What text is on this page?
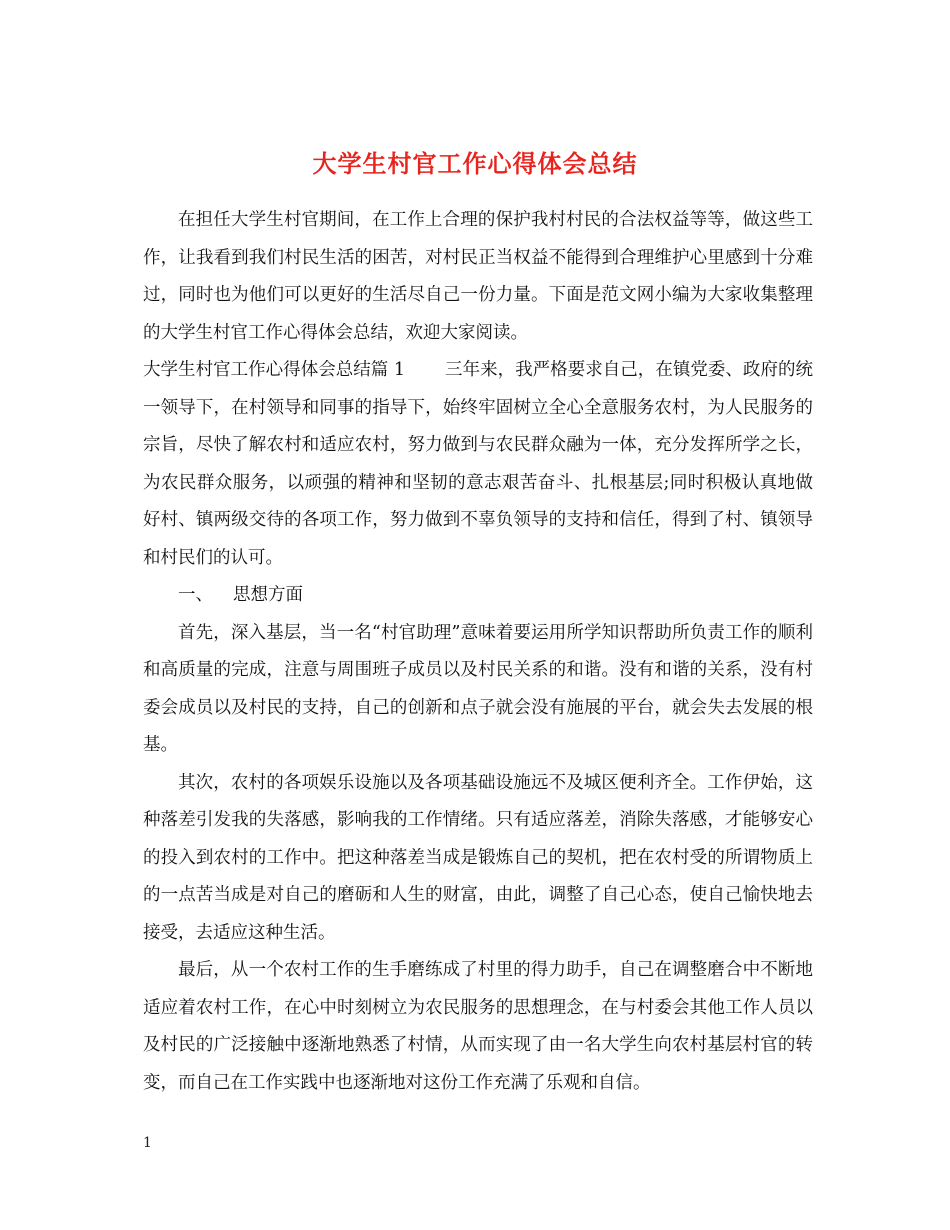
大学生村官工作心得体会总结

在担任大学生村官期间，在工作上合理的保护我村村民的合法权益等等，做这些工作，让我看到我们村民生活的困苦，对村民正当权益不能得到合理维护心里感到十分难过，同时也为他们可以更好的生活尽自己一份力量。下面是范文网小编为大家收集整理的大学生村官工作心得体会总结，欢迎大家阅读。

大学生村官工作心得体会总结篇 1 三年来，我严格要求自己，在镇党委、政府的统一领导下，在村领导和同事的指导下，始终牢固树立全心全意服务农村，为人民服务的宗旨，尽快了解农村和适应农村，努力做到与农民群众融为一体，充分发挥所学之长，为农民群众服务，以顽强的精神和坚韧的意志艰苦奋斗、扎根基层;同时积极认真地做好村、镇两级交待的各项工作，努力做到不辜负领导的支持和信任，得到了村、镇领导和村民们的认可。

一、 思想方面

首先，深入基层，当一名“村官助理”意味着要运用所学知识帮助所负责工作的顺利和高质量的完成，注意与周围班子成员以及村民关系的和谐。没有和谐的关系，没有村委会成员以及村民的支持，自己的创新和点子就会没有施展的平台，就会失去发展的根基。

其次，农村的各项娱乐设施以及各项基础设施远不及城区便利齐全。工作伊始，这种落差引发我的失落感，影响我的工作情绪。只有适应落差，消除失落感，才能够安心的投入到农村的工作中。把这种落差当成是锻炼自己的契机，把在农村受的所谓物质上的一点苦当成是对自己的磨砺和人生的财富，由此，调整了自己心态，使自己愉快地去接受，去适应这种生活。

最后，从一个农村工作的生手磨练成了村里的得力助手，自己在调整磨合中不断地适应着农村工作，在心中时刻树立为农民服务的思想理念，在与村委会其他工作人员以及村民的广泛接触中逐渐地熟悉了村情，从而实现了由一名大学生向农村基层村官的转变，而自己在工作实践中也逐渐地对这份工作充满了乐观和自信。

1
